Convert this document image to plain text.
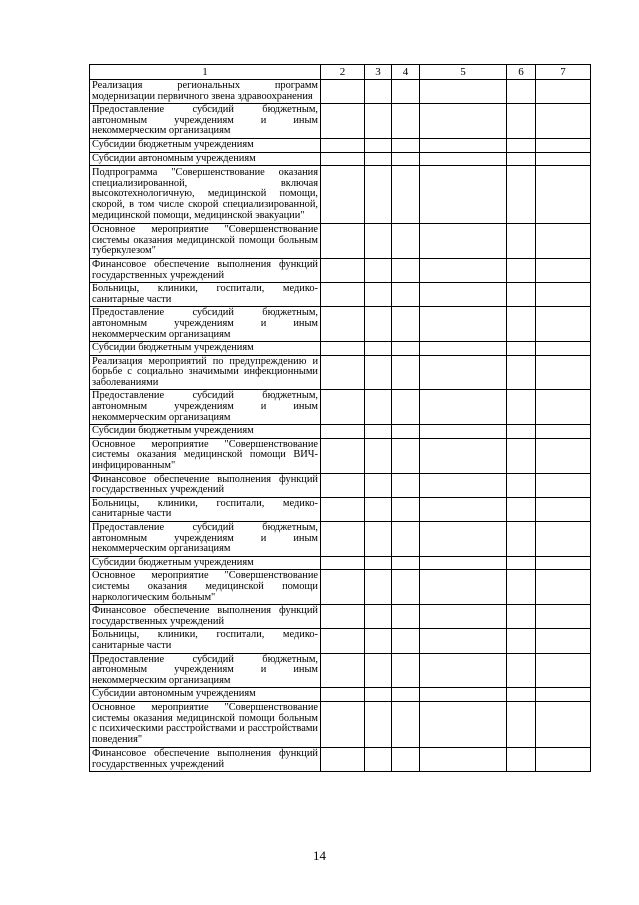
1	2	3	4	5	6	7
Реализация региональных программ модернизации первичного звена здравоохранения						
Предоставление субсидий бюджетным, автономным учреждениям и иным некоммерческим организациям						
Субсидии бюджетным учреждениям						
Субсидии автономным учреждениям						
Подпрограмма "Совершенствование оказания специализированной, включая высокотехнологичную, медицинской помощи, скорой, в том числе скорой специализированной, медицинской помощи, медицинской эвакуации"						
Основное мероприятие "Совершенствование системы оказания медицинской помощи больным туберкулезом"						
Финансовое обеспечение выполнения функций государственных учреждений						
Больницы, клиники, госпитали, медико-санитарные части						
Предоставление субсидий бюджетным, автономным учреждениям и иным некоммерческим организациям						
Субсидии бюджетным учреждениям						
Реализация мероприятий по предупреждению и борьбе с социально значимыми инфекционными заболеваниями						
Предоставление субсидий бюджетным, автономным учреждениям и иным некоммерческим организациям						
Субсидии бюджетным учреждениям						
Основное мероприятие "Совершенствование системы оказания медицинской помощи ВИЧ-инфицированным"						
Финансовое обеспечение выполнения функций государственных учреждений						
Больницы, клиники, госпитали, медико-санитарные части						
Предоставление субсидий бюджетным, автономным учреждениям и иным некоммерческим организациям						
Субсидии бюджетным учреждениям						
Основное мероприятие "Совершенствование системы оказания медицинской помощи наркологическим больным"						
Финансовое обеспечение выполнения функций государственных учреждений						
Больницы, клиники, госпитали, медико-санитарные части						
Предоставление субсидий бюджетным, автономным учреждениям и иным некоммерческим организациям						
Субсидии автономным учреждениям						
Основное мероприятие "Совершенствование системы оказания медицинской помощи больным с психическими расстройствами и расстройствами поведения"						
Финансовое обеспечение выполнения функций государственных учреждений						
14
